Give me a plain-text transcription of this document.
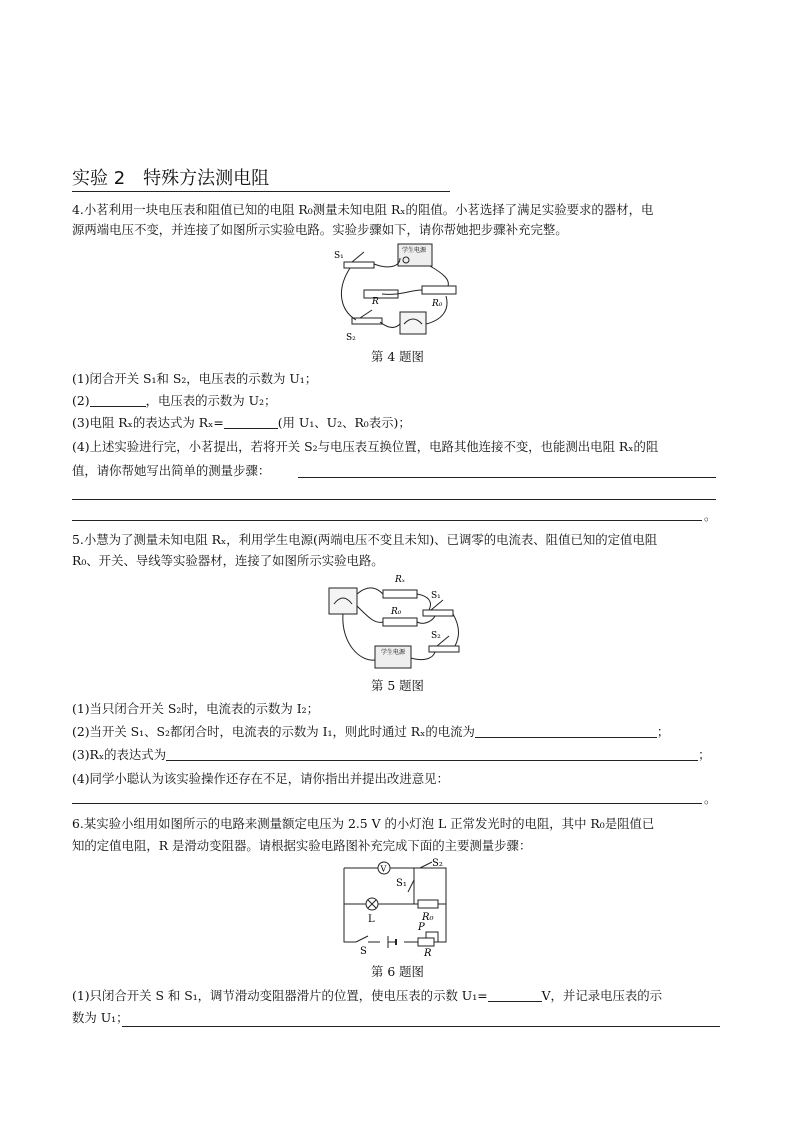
实验 2　特殊方法测电阻
4.小茗利用一块电压表和阻值已知的电阻 R₀测量未知电阻 Rₓ的阻值。小茗选择了满足实验要求的器材，电
源两端电压不变，并连接了如图所示实验电路。实验步骤如下，请你帮她把步骤补充完整。
学生电源
S₁
R	R₀
S₂
第 4 题图
(1)闭合开关 S₁和 S₂，电压表的示数为 U₁；
(2)	，电压表的示数为 U₂；
(3)电阻 Rₓ的表达式为 Rₓ=	(用 U₁、U₂、R₀表示)；
(4)上述实验进行完，小茗提出，若将开关 S₂与电压表互换位置，电路其他连接不变，也能测出电阻 Rₓ的阻
值，请你帮她写出简单的测量步骤：
。
5.小慧为了测量未知电阻 Rₓ，利用学生电源(两端电压不变且未知)、已调零的电流表、阻值已知的定值电阻
R₀、开关、导线等实验器材，连接了如图所示实验电路。
Rₓ
R₀
S₁
S₂
学生电源
第 5 题图
(1)当只闭合开关 S₂时，电流表的示数为 I₂；
(2)当开关 S₁、S₂都闭合时，电流表的示数为 I₁，则此时通过 Rₓ的电流为	；
(3)Rₓ的表达式为	；
(4)同学小聪认为该实验操作还存在不足，请你指出并提出改进意见：
。
6.某实验小组用如图所示的电路来测量额定电压为 2.5 V 的小灯泡 L 正常发光时的电阻，其中 R₀是阻值已
知的定值电阻，R 是滑动变阻器。请根据实验电路图补充完成下面的主要测量步骤：
V	S₂
S₁
L	R₀
S
P
R
第 6 题图
(1)只闭合开关 S 和 S₁，调节滑动变阻器滑片的位置，使电压表的示数 U₁=	V，并记录电压表的示
数为 U₁；
